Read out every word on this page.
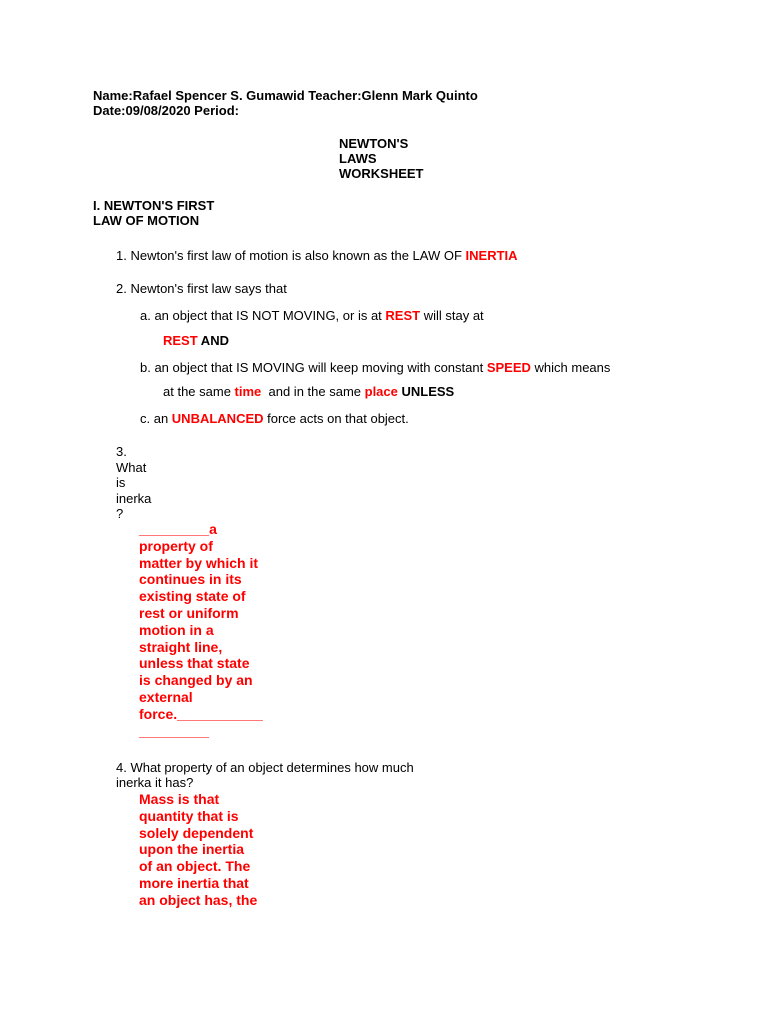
Name:Rafael Spencer S. Gumawid Teacher:Glenn Mark Quinto
Date:09/08/2020 Period:
NEWTON'S
LAWS
WORKSHEET
I. NEWTON'S FIRST
LAW OF MOTION
1. Newton's first law of motion is also known as the LAW OF INERTIA
2. Newton's first law says that
a. an object that IS NOT MOVING, or is at REST will stay at
REST AND
b. an object that IS MOVING will keep moving with constant SPEED which means
at the same time  and in the same place UNLESS
c. an UNBALANCED force acts on that object.
3.
What
is
inerka
?
_________a
property of
matter by which it
continues in its
existing state of
rest or uniform
motion in a
straight line,
unless that state
is changed by an
external
force.___________
_________
4. What property of an object determines how much
inerka it has?
Mass is that
quantity that is
solely dependent
upon the inertia
of an object. The
more inertia that
an object has, the
